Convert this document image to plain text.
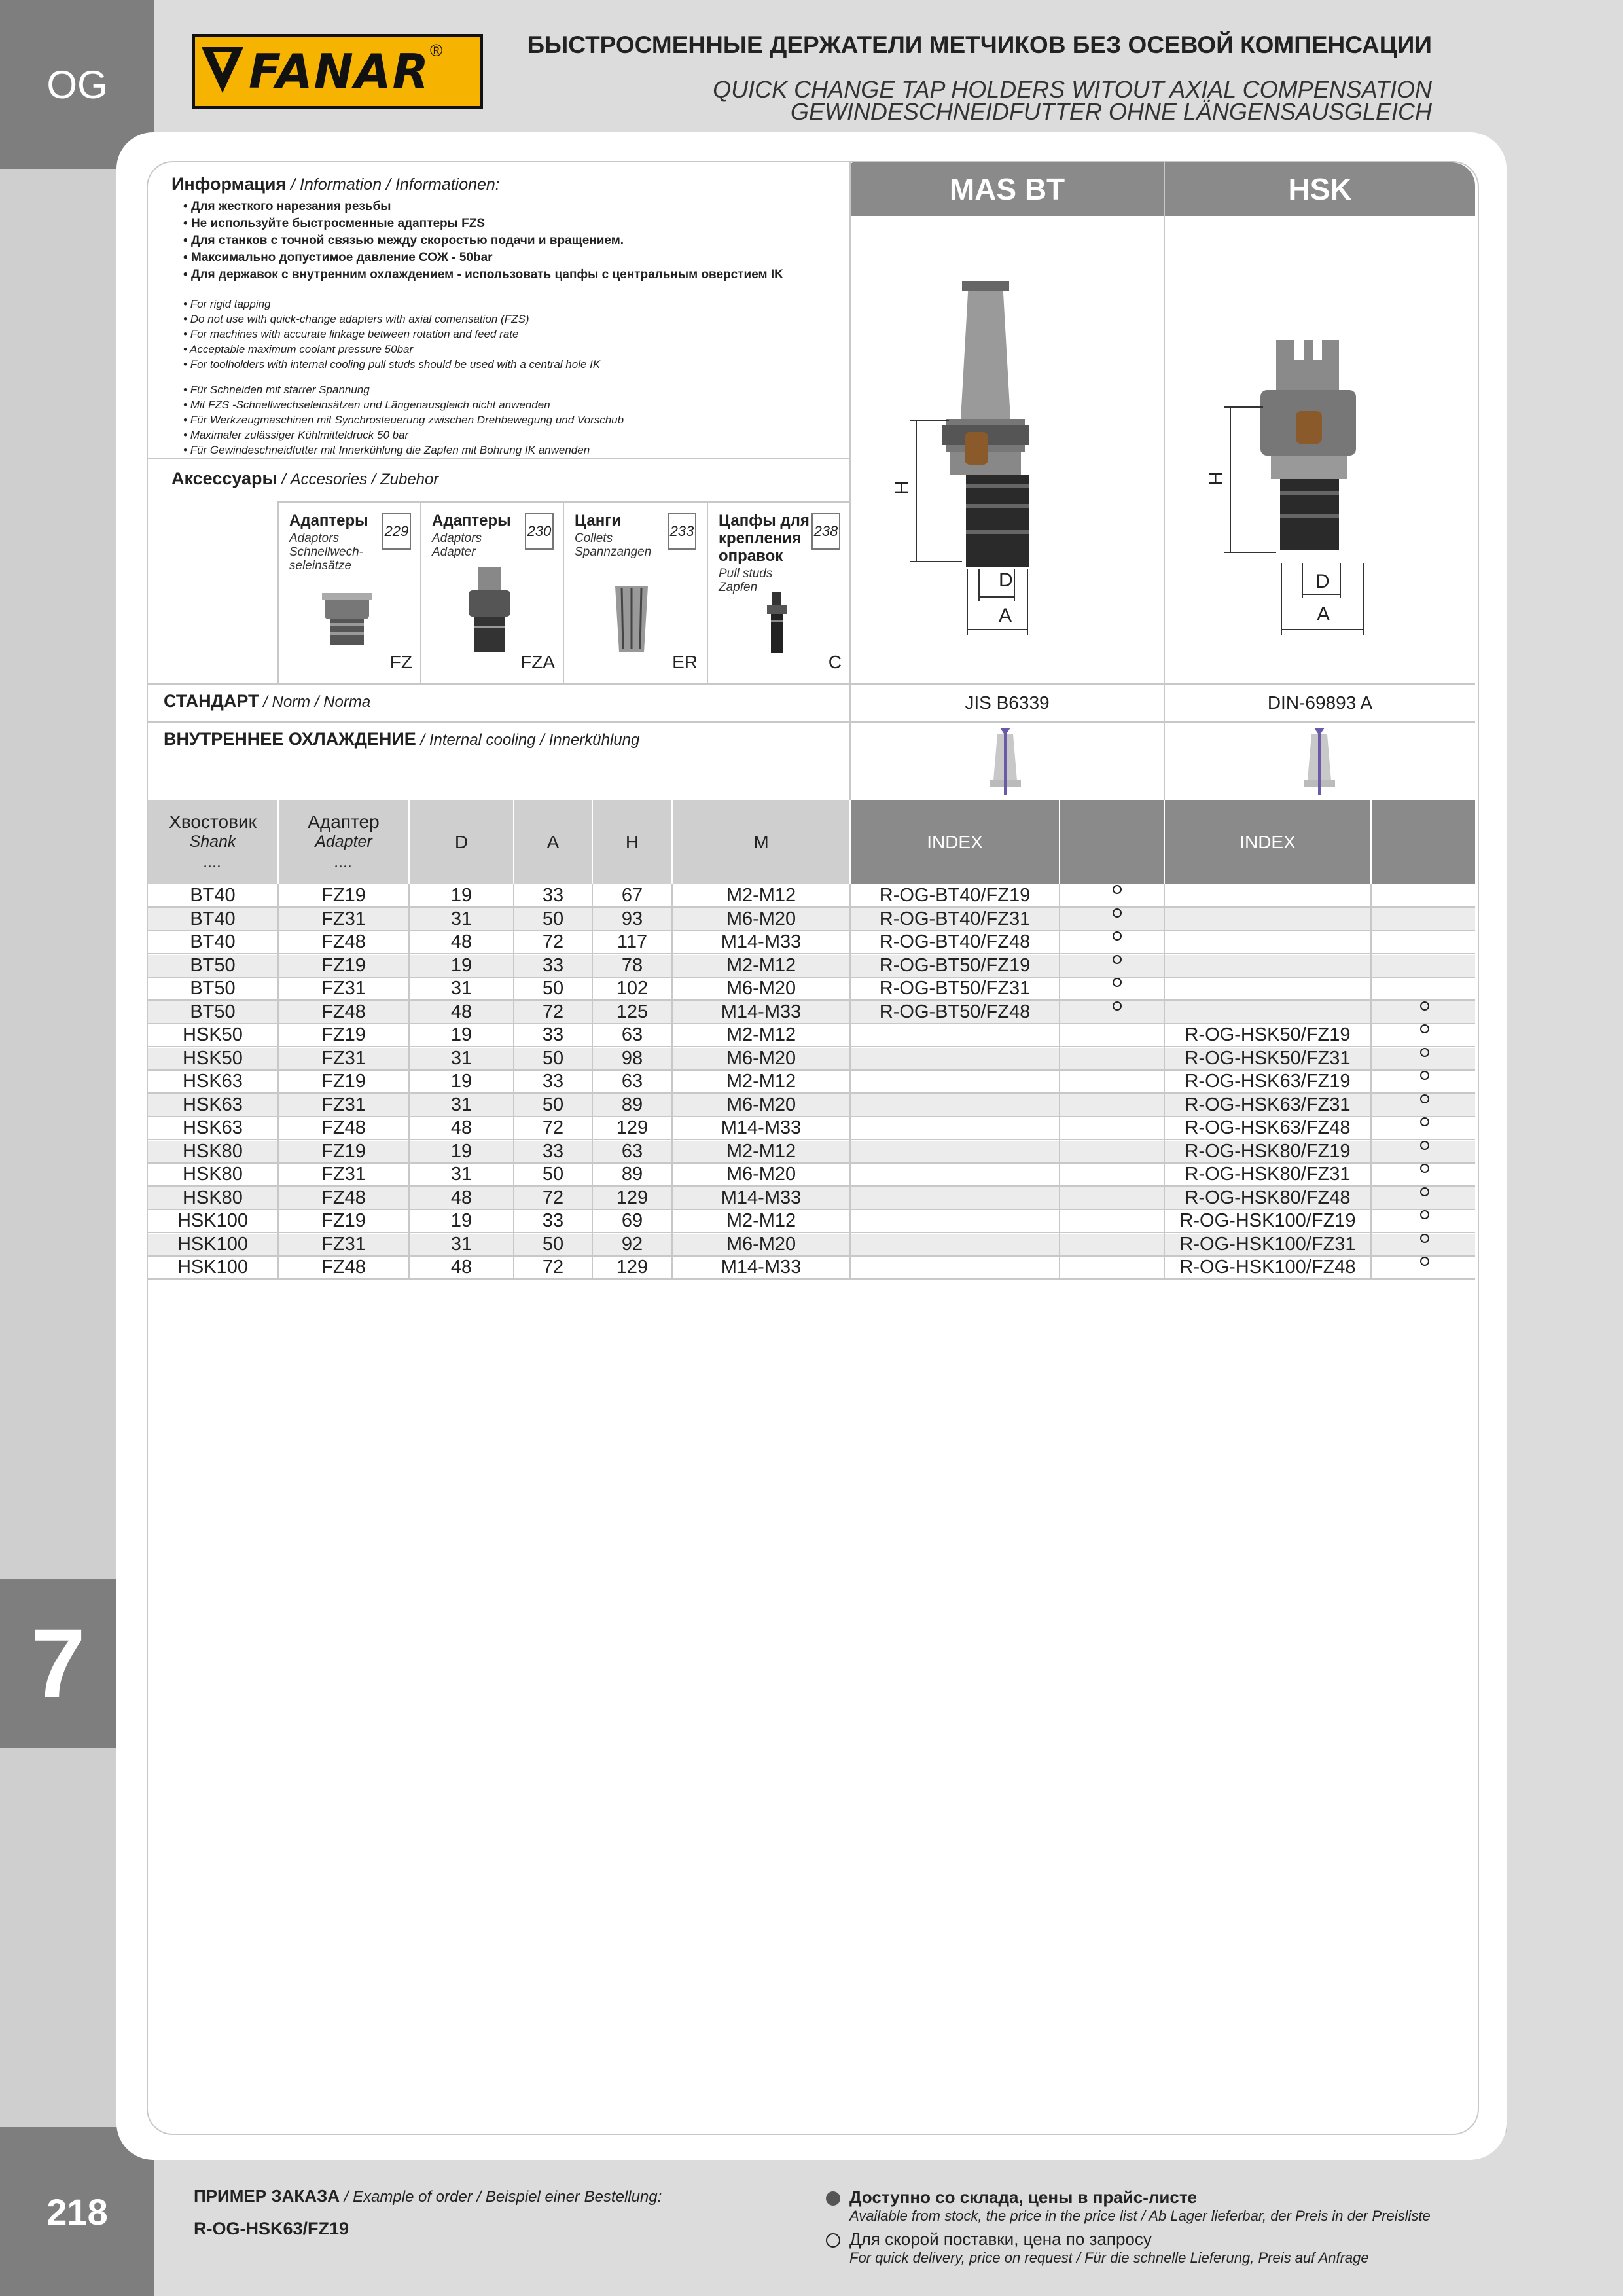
OG
7
218
FANAR ®	БЫСТРОСМЕННЫЕ ДЕРЖАТЕЛИ МЕТЧИКОВ БЕЗ ОСЕВОЙ КОМПЕНСАЦИИ
QUICK CHANGE TAP HOLDERS WITOUT AXIAL COMPENSATION
GEWINDESCHNEIDFUTTER OHNE LÄNGENSAUSGLEICH
MAS BT	HSK
Информация / Information / Informationen:
• Для жесткого нарезания резьбы
• Не используйте быстросменные адаптеры FZS
• Для станков с точной связью между скоростью подачи и вращением.
• Максимально допустимое давление СОЖ - 50bar
• Для державок с внутренним охлаждением - использовать цапфы с центральным оверстием IK
• For rigid tapping
• Do not use with quick-change adapters with axial comensation (FZS)
• For machines with accurate linkage between rotation and feed rate
• Acceptable maximum coolant pressure 50bar
• For toolholders with internal cooling pull studs should be used with a central hole IK
• Für Schneiden mit starrer Spannung
• Mit FZS -Schnellwechseleinsätzen und Längenausgleich nicht anwenden
• Für Werkzeugmaschinen mit Synchrosteuerung zwischen Drehbewegung und Vorschub
• Maximaler zulässiger Kühlmitteldruck 50 bar
• Für Gewindeschneidfutter mit Innerkühlung die Zapfen mit Bohrung IK anwenden
Аксессуары / Accesories / Zubehor
Адаптеры
Adaptors
Schnellwech-
seleinsätze
229
FZ
Адаптеры
Adaptors
Adapter
230
FZA
Цанги
Collets
Spannzangen
233
ER
Цапфы для
крепления
оправок
Pull studs
Zapfen
238
C
H
D
A
H
D
A
СТАНДАРТ / Norm / Norma	JIS B6339	DIN-69893 A
ВНУТРЕННЕЕ ОХЛАЖДЕНИЕ / Internal cooling / Innerkühlung
Хвостовик
Shank
....
Адаптер
Adapter
....
D	A	H	M	INDEX	INDEX
BT40	FZ19	19	33	67	M2-M12	R-OG-BT40/FZ19
BT40	FZ31	31	50	93	M6-M20	R-OG-BT40/FZ31
BT40	FZ48	48	72	117	M14-M33	R-OG-BT40/FZ48
BT50	FZ19	19	33	78	M2-M12	R-OG-BT50/FZ19
BT50	FZ31	31	50	102	M6-M20	R-OG-BT50/FZ31
BT50	FZ48	48	72	125	M14-M33	R-OG-BT50/FZ48
HSK50	FZ19	19	33	63	M2-M12	R-OG-HSK50/FZ19
HSK50	FZ31	31	50	98	M6-M20	R-OG-HSK50/FZ31
HSK63	FZ19	19	33	63	M2-M12	R-OG-HSK63/FZ19
HSK63	FZ31	31	50	89	M6-M20	R-OG-HSK63/FZ31
HSK63	FZ48	48	72	129	M14-M33	R-OG-HSK63/FZ48
HSK80	FZ19	19	33	63	M2-M12	R-OG-HSK80/FZ19
HSK80	FZ31	31	50	89	M6-M20	R-OG-HSK80/FZ31
HSK80	FZ48	48	72	129	M14-M33	R-OG-HSK80/FZ48
HSK100	FZ19	19	33	69	M2-M12	R-OG-HSK100/FZ19
HSK100	FZ31	31	50	92	M6-M20	R-OG-HSK100/FZ31
HSK100	FZ48	48	72	129	M14-M33	R-OG-HSK100/FZ48
ПРИМЕР ЗАКАЗА / Example of order / Beispiel einer Bestellung:
R-OG-HSK63/FZ19
Доступно со склада, цены в прайс-листе
Available from stock, the price in the price list / Ab Lager lieferbar, der Preis in der Preisliste
Для скорой поставки, цена по запросу
For quick delivery, price on request / Für die schnelle Lieferung, Preis auf Anfrage
